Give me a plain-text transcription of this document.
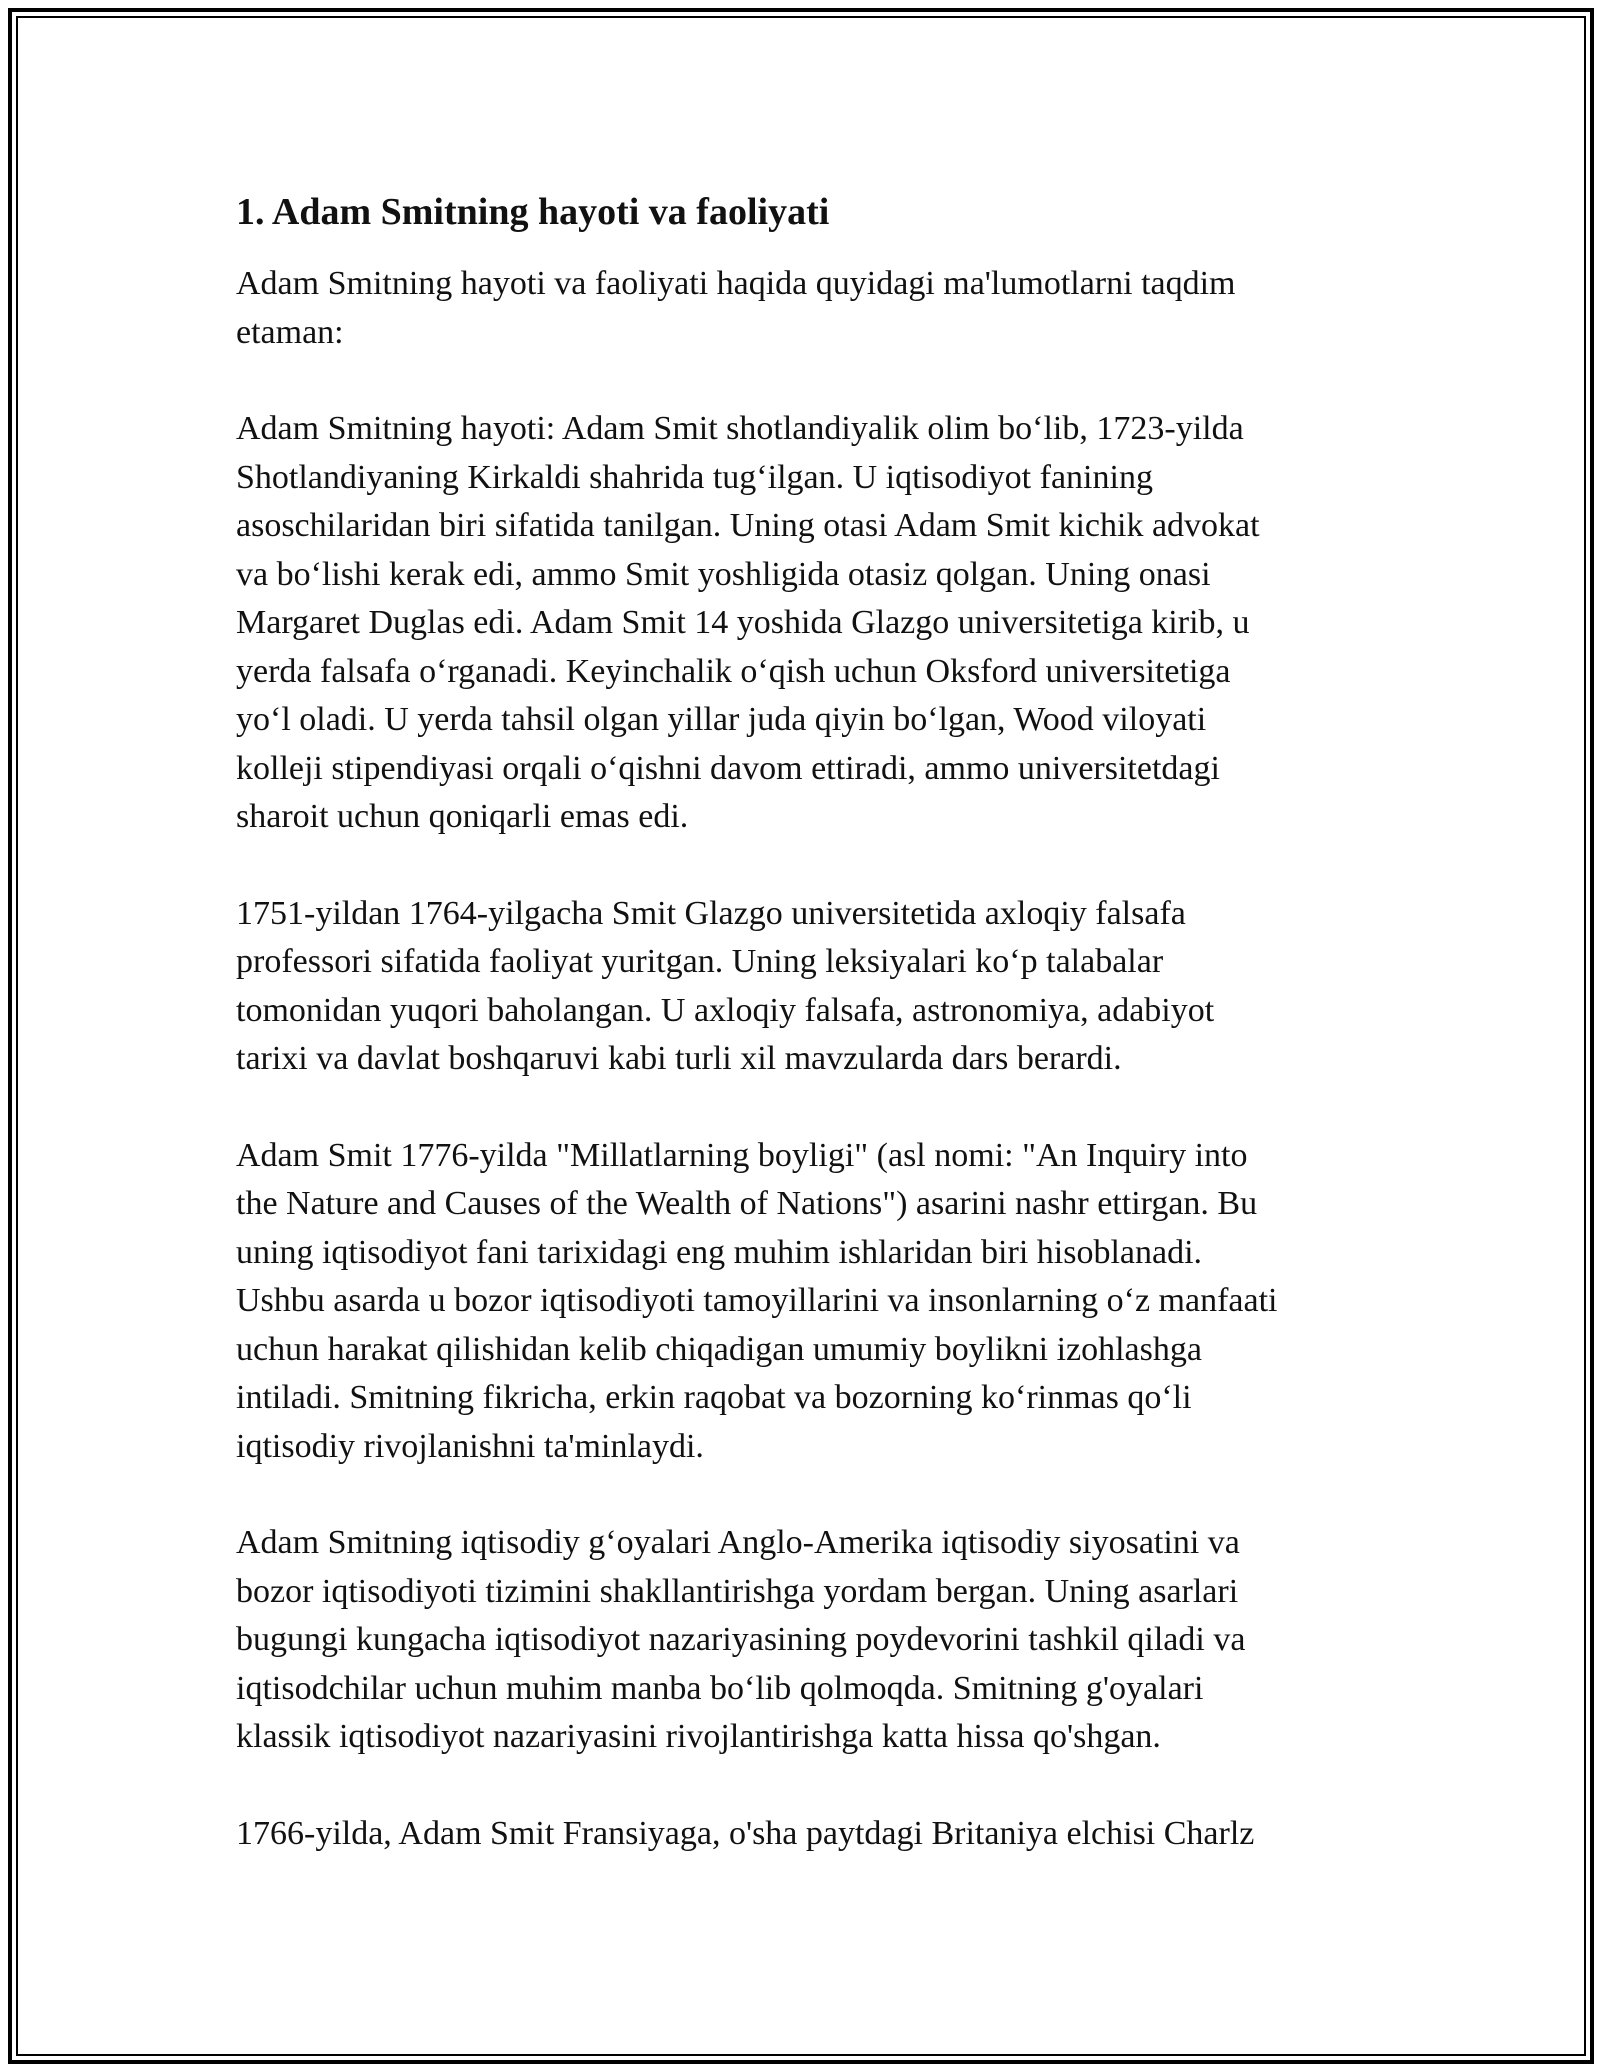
1. Adam Smitning hayoti va faoliyati
Adam Smitning hayoti va faoliyati haqida quyidagi ma'lumotlarni taqdim
etaman:
Adam Smitning hayoti: Adam Smit shotlandiyalik olim bo‘lib, 1723-yilda
Shotlandiyaning Kirkaldi shahrida tug‘ilgan. U iqtisodiyot fanining
asoschilaridan biri sifatida tanilgan. Uning otasi Adam Smit kichik advokat
va bo‘lishi kerak edi, ammo Smit yoshligida otasiz qolgan. Uning onasi
Margaret Duglas edi. Adam Smit 14 yoshida Glazgo universitetiga kirib, u
yerda falsafa o‘rganadi. Keyinchalik o‘qish uchun Oksford universitetiga
yo‘l oladi. U yerda tahsil olgan yillar juda qiyin bo‘lgan, Wood viloyati
kolleji stipendiyasi orqali o‘qishni davom ettiradi, ammo universitetdagi
sharoit uchun qoniqarli emas edi.
1751-yildan 1764-yilgacha Smit Glazgo universitetida axloqiy falsafa
professori sifatida faoliyat yuritgan. Uning leksiyalari ko‘p talabalar
tomonidan yuqori baholangan. U axloqiy falsafa, astronomiya, adabiyot
tarixi va davlat boshqaruvi kabi turli xil mavzularda dars berardi.
Adam Smit 1776-yilda "Millatlarning boyligi" (asl nomi: "An Inquiry into
the Nature and Causes of the Wealth of Nations") asarini nashr ettirgan. Bu
uning iqtisodiyot fani tarixidagi eng muhim ishlaridan biri hisoblanadi.
Ushbu asarda u bozor iqtisodiyoti tamoyillarini va insonlarning o‘z manfaati
uchun harakat qilishidan kelib chiqadigan umumiy boylikni izohlashga
intiladi. Smitning fikricha, erkin raqobat va bozorning ko‘rinmas qo‘li
iqtisodiy rivojlanishni ta'minlaydi.
Adam Smitning iqtisodiy g‘oyalari Anglo-Amerika iqtisodiy siyosatini va
bozor iqtisodiyoti tizimini shakllantirishga yordam bergan. Uning asarlari
bugungi kungacha iqtisodiyot nazariyasining poydevorini tashkil qiladi va
iqtisodchilar uchun muhim manba bo‘lib qolmoqda. Smitning g'oyalari
klassik iqtisodiyot nazariyasini rivojlantirishga katta hissa qo'shgan.
1766-yilda, Adam Smit Fransiyaga, o'sha paytdagi Britaniya elchisi Charlz
